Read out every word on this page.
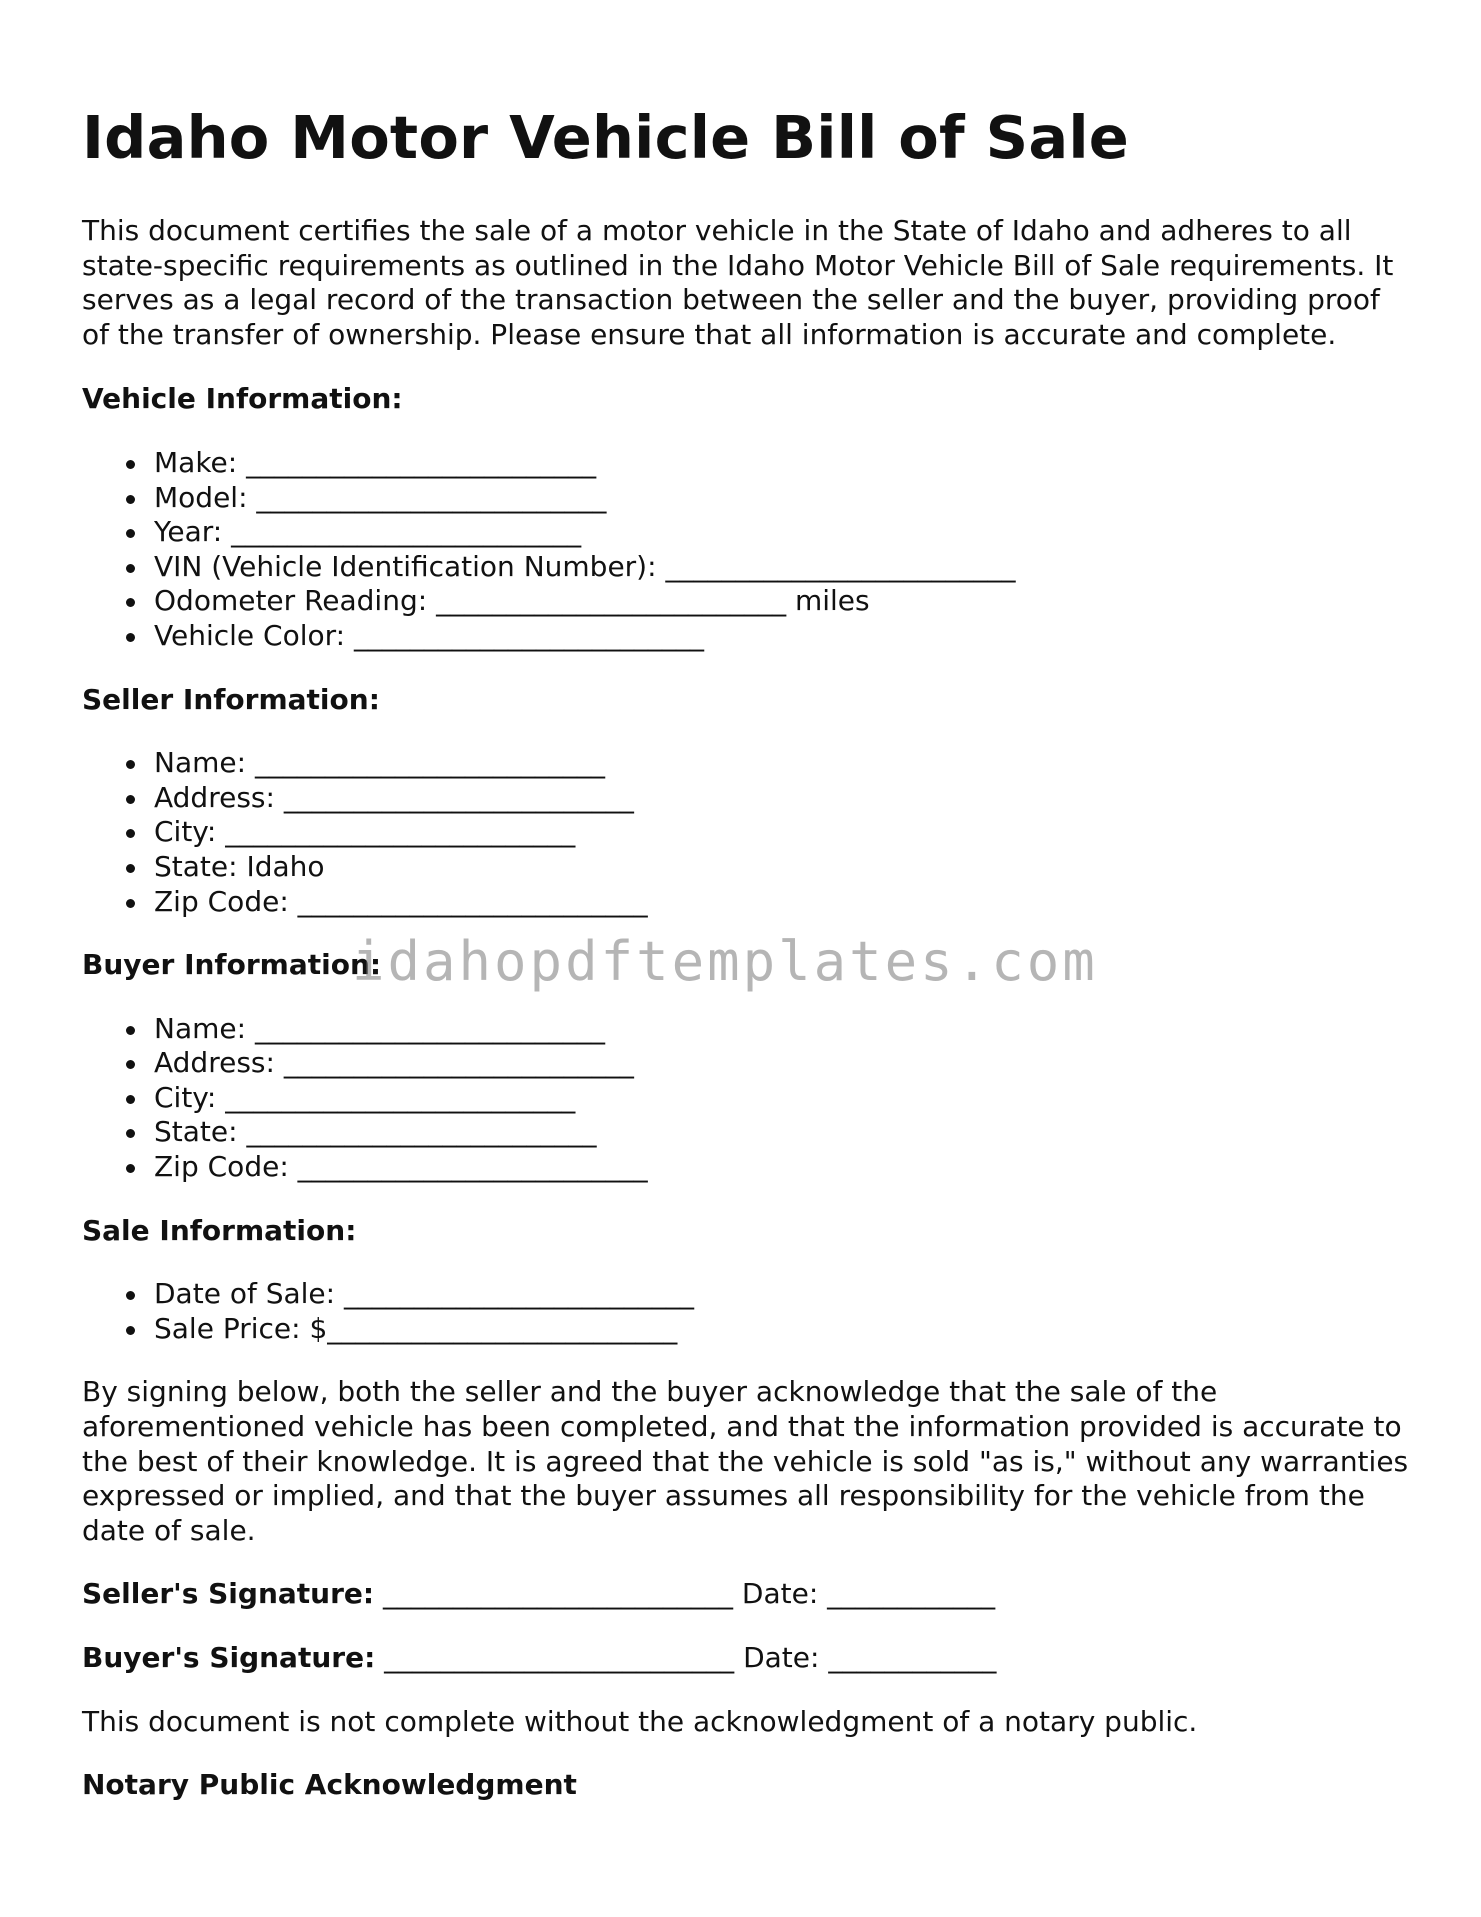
Idaho Motor Vehicle Bill of Sale

This document certifies the sale of a motor vehicle in the State of Idaho and adheres to all state-specific requirements as outlined in the Idaho Motor Vehicle Bill of Sale requirements. It serves as a legal record of the transaction between the seller and the buyer, providing proof of the transfer of ownership. Please ensure that all information is accurate and complete.

Vehicle Information:
Make: _________________________
Model: _________________________
Year: _________________________
VIN (Vehicle Identification Number): _________________________
Odometer Reading: _________________________ miles
Vehicle Color: _________________________
Seller Information:
Name: _________________________
Address: _________________________
City: _________________________
State: Idaho
Zip Code: _________________________
Buyer Information:
Name: _________________________
Address: _________________________
City: _________________________
State: _________________________
Zip Code: _________________________
Sale Information:
Date of Sale: _________________________
Sale Price: $_________________________

By signing below, both the seller and the buyer acknowledge that the sale of the aforementioned vehicle has been completed, and that the information provided is accurate to the best of their knowledge. It is agreed that the vehicle is sold "as is," without any warranties expressed or implied, and that the buyer assumes all responsibility for the vehicle from the date of sale.

Seller's Signature: _________________________ Date: ____________
Buyer's Signature: _________________________ Date: ____________

This document is not complete without the acknowledgment of a notary public.

Notary Public Acknowledgment
idahopdftemplates.com
